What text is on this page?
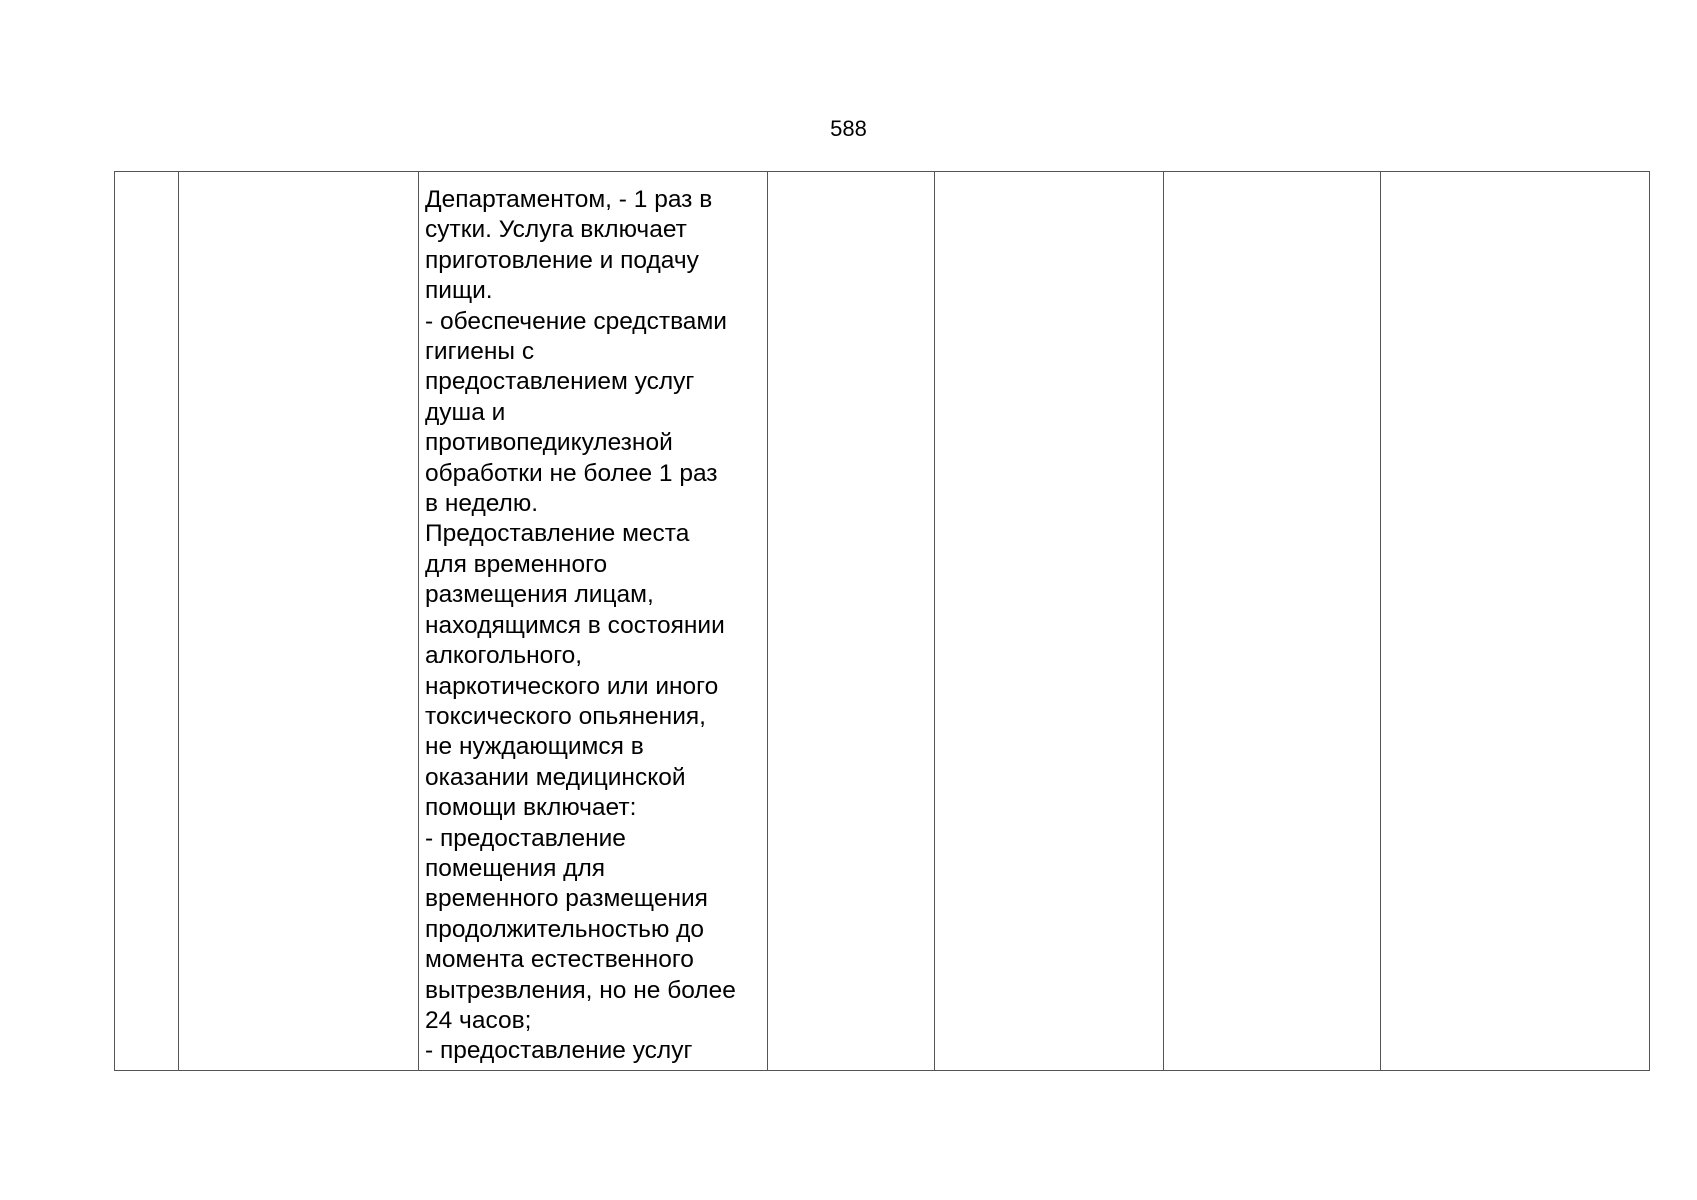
588

Департаментом, - 1 раз в
сутки. Услуга включает
приготовление и подачу
пищи.
- обеспечение средствами
гигиены с
предоставлением услуг
душа и
противопедикулезной
обработки не более 1 раз
в неделю.
Предоставление места
для временного
размещения лицам,
находящимся в состоянии
алкогольного,
наркотического или иного
токсического опьянения,
не нуждающимся в
оказании медицинской
помощи включает:
- предоставление
помещения для
временного размещения
продолжительностью до
момента естественного
вытрезвления, но не более
24 часов;
- предоставление услуг
